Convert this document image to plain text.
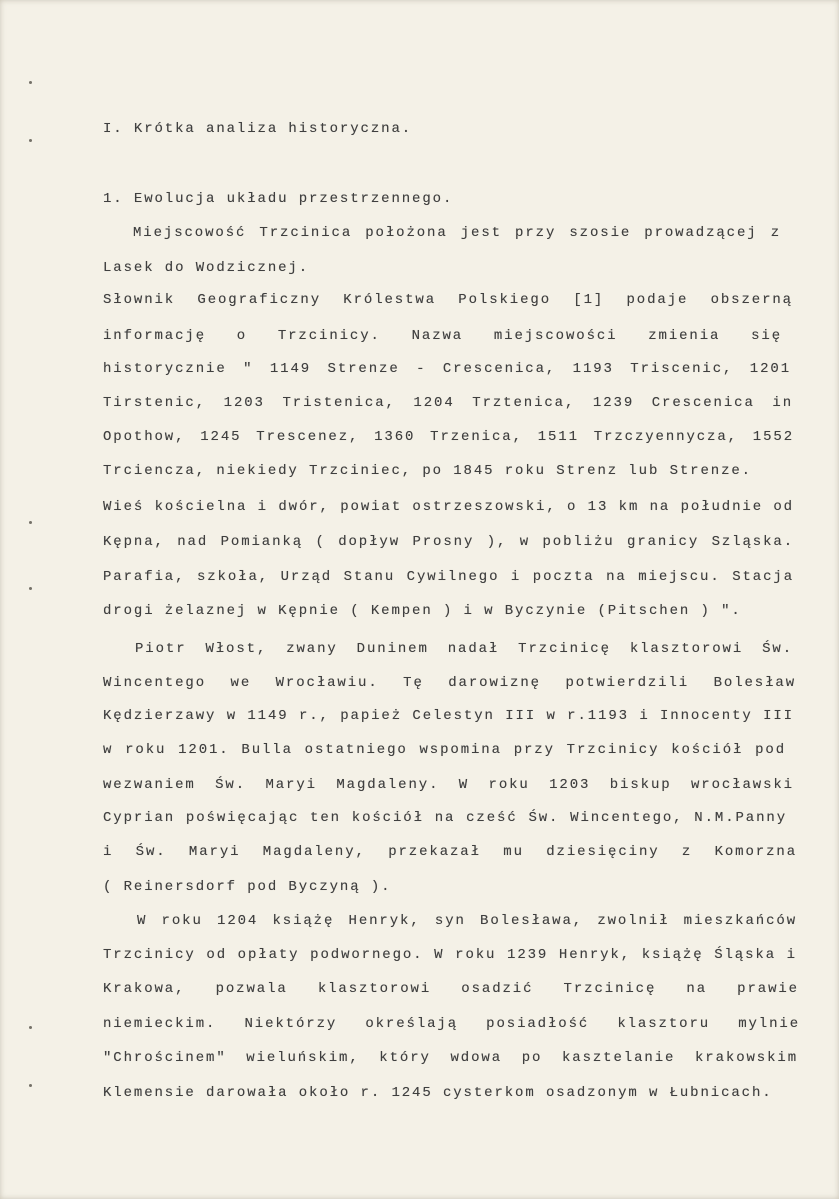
I. Krótka analiza historyczna.
1. Ewolucja układu przestrzennego.
Miejscowość Trzcinica położona jest przy szosie prowadzącej z
Lasek do Wodzicznej.
Słownik Geograficzny Królestwa Polskiego [1] podaje obszerną
informację o Trzcinicy. Nazwa miejscowości zmienia się
historycznie " 1149 Strenze - Crescenica, 1193 Triscenic, 1201
Tirstenic, 1203 Tristenica, 1204 Trztenica, 1239 Crescenica in
Opothow, 1245 Trescenez, 1360 Trzenica, 1511 Trzczyennycza, 1552
Trciencza, niekiedy Trzciniec, po 1845 roku Strenz lub Strenze.
Wieś kościelna i dwór, powiat ostrzeszowski, o 13 km na południe od
Kępna, nad Pomianką ( dopływ Prosny ), w pobliżu granicy Szląska.
Parafia, szkoła, Urząd Stanu Cywilnego i poczta na miejscu. Stacja
drogi żelaznej w Kępnie ( Kempen ) i w Byczynie (Pitschen ) ".
Piotr Włost, zwany Duninem nadał Trzcinicę klasztorowi Św.
Wincentego we Wrocławiu. Tę darowiznę potwierdzili Bolesław
Kędzierzawy w 1149 r., papież Celestyn III w r.1193 i Innocenty III
w roku 1201. Bulla ostatniego wspomina przy Trzcinicy kościół pod
wezwaniem Św. Maryi Magdaleny. W roku 1203 biskup wrocławski
Cyprian poświęcając ten kościół na cześć Św. Wincentego, N.M.Panny
i Św. Maryi Magdaleny, przekazał mu dziesięciny z Komorzna
( Reinersdorf pod Byczyną ).
W roku 1204 książę Henryk, syn Bolesława, zwolnił mieszkańców
Trzcinicy od opłaty podwornego. W roku 1239 Henryk, książę Śląska i
Krakowa, pozwala klasztorowi osadzić Trzcinicę na prawie
niemieckim. Niektórzy określają posiadłość klasztoru mylnie
"Chrościnem" wieluńskim, który wdowa po kasztelanie krakowskim
Klemensie darowała około r. 1245 cysterkom osadzonym w Łubnicach.
